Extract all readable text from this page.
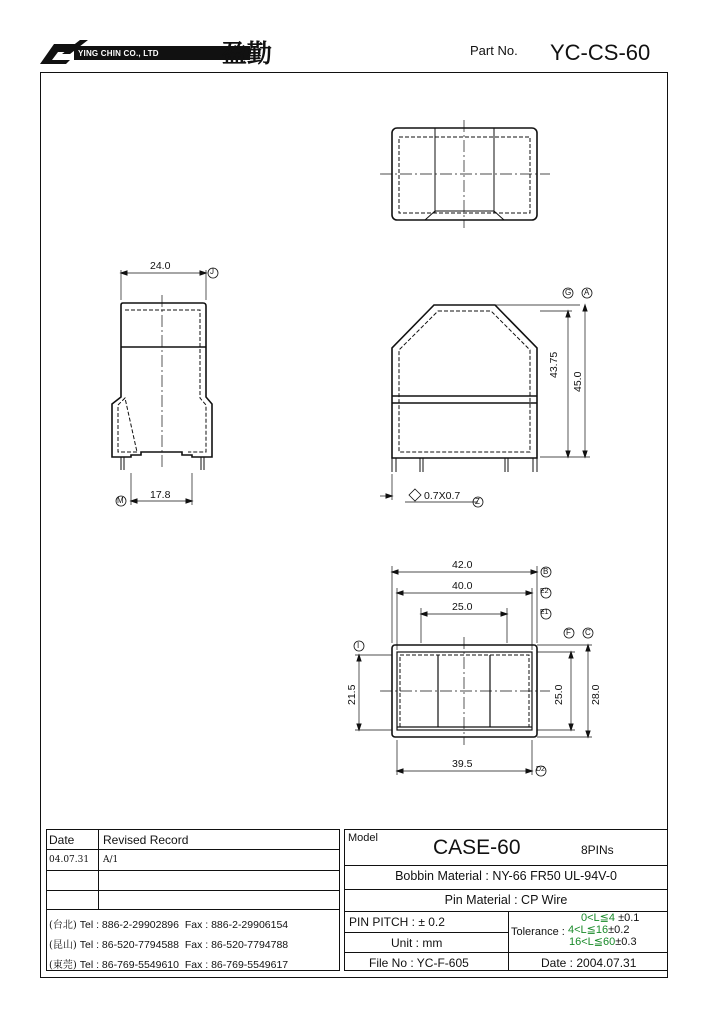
YING CHIN CO., LTD	盈勤	Part No. YC-CS-60
24.0	J
17.8
M
43.75
45.0
G A
0.7X0.7 Z
42.0
40.0
25.0
B
E2
E1
I
F C
21.5	25.0 28.0
39.5	D2
Date	Revised Record
04.07.31	A/1
(台北) Tel : 886-2-29902896 Fax : 886-2-29906154
(昆山) Tel : 86-520-7794588 Fax : 86-520-7794788
(東莞) Tel : 86-769-5549610 Fax : 86-769-5549617
Model	CASE-60	8PINs
Bobbin Material : NY-66 FR50 UL-94V-0
Pin Material : CP Wire
PIN PITCH : ± 0.2
Unit : mm
Tolerance :
0<L≦4 ±0.1
4<L≦16±0.2
16<L≦60±0.3
File No : YC-F-605	Date : 2004.07.31
